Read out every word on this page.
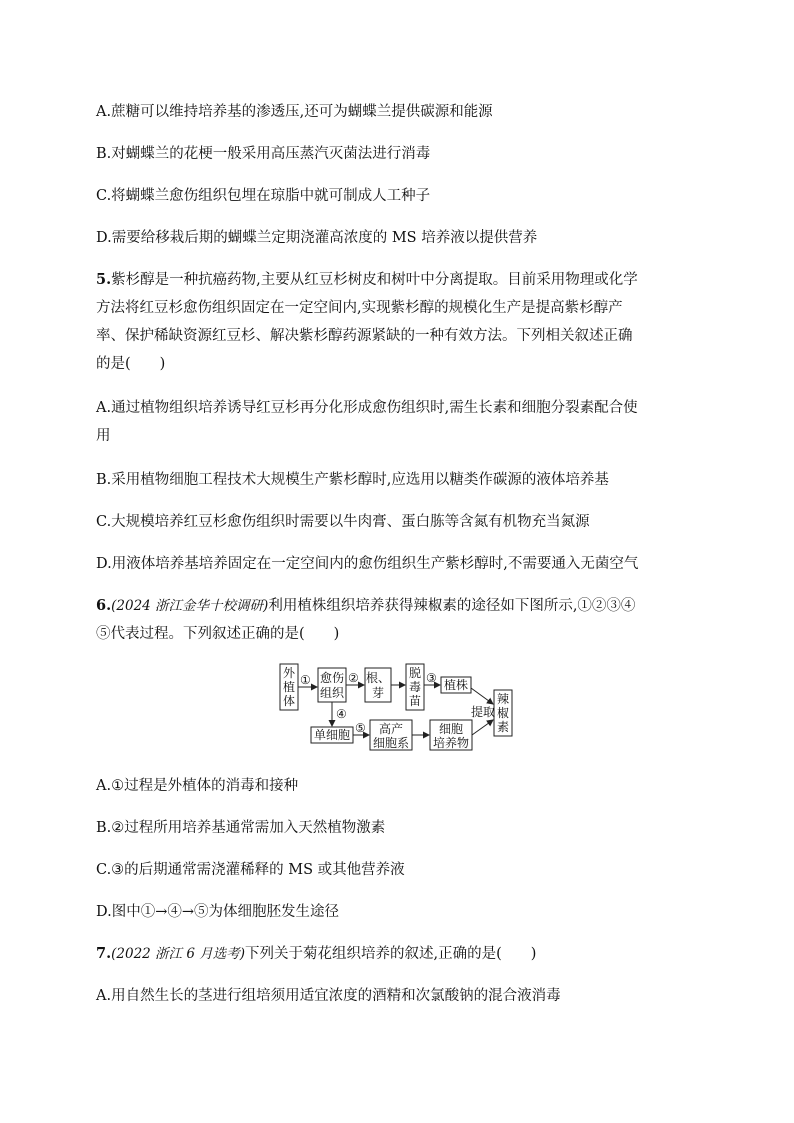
A.蔗糖可以维持培养基的渗透压,还可为蝴蝶兰提供碳源和能源
B.对蝴蝶兰的花梗一般采用高压蒸汽灭菌法进行消毒
C.将蝴蝶兰愈伤组织包埋在琼脂中就可制成人工种子
D.需要给移栽后期的蝴蝶兰定期浇灌高浓度的 MS 培养液以提供营养
5.紫杉醇是一种抗癌药物,主要从红豆杉树皮和树叶中分离提取。目前采用物理或化学
方法将红豆杉愈伤组织固定在一定空间内,实现紫杉醇的规模化生产是提高紫杉醇产
率、保护稀缺资源红豆杉、解决紫杉醇药源紧缺的一种有效方法。下列相关叙述正确
的是(　　)
A.通过植物组织培养诱导红豆杉再分化形成愈伤组织时,需生长素和细胞分裂素配合使
用
B.采用植物细胞工程技术大规模生产紫杉醇时,应选用以糖类作碳源的液体培养基
C.大规模培养红豆杉愈伤组织时需要以牛肉膏、蛋白胨等含氮有机物充当氮源
D.用液体培养基培养固定在一定空间内的愈伤组织生产紫杉醇时,不需要通入无菌空气
6.(2024 浙江金华十校调研)利用植株组织培养获得辣椒素的途径如下图所示,①②③④
⑤代表过程。下列叙述正确的是(　　)
外
植
体
愈伤
组织
根、
芽
脱
毒
苗
植株
辣
椒
素
单细胞 高产
细胞系
细胞
培养物
①	②	③
④
⑤
提取
A.①过程是外植体的消毒和接种
B.②过程所用培养基通常需加入天然植物激素
C.③的后期通常需浇灌稀释的 MS 或其他营养液
D.图中①→④→⑤为体细胞胚发生途径
7.(2022 浙江 6 月选考)下列关于菊花组织培养的叙述,正确的是(　　)
A.用自然生长的茎进行组培须用适宜浓度的酒精和次氯酸钠的混合液消毒
